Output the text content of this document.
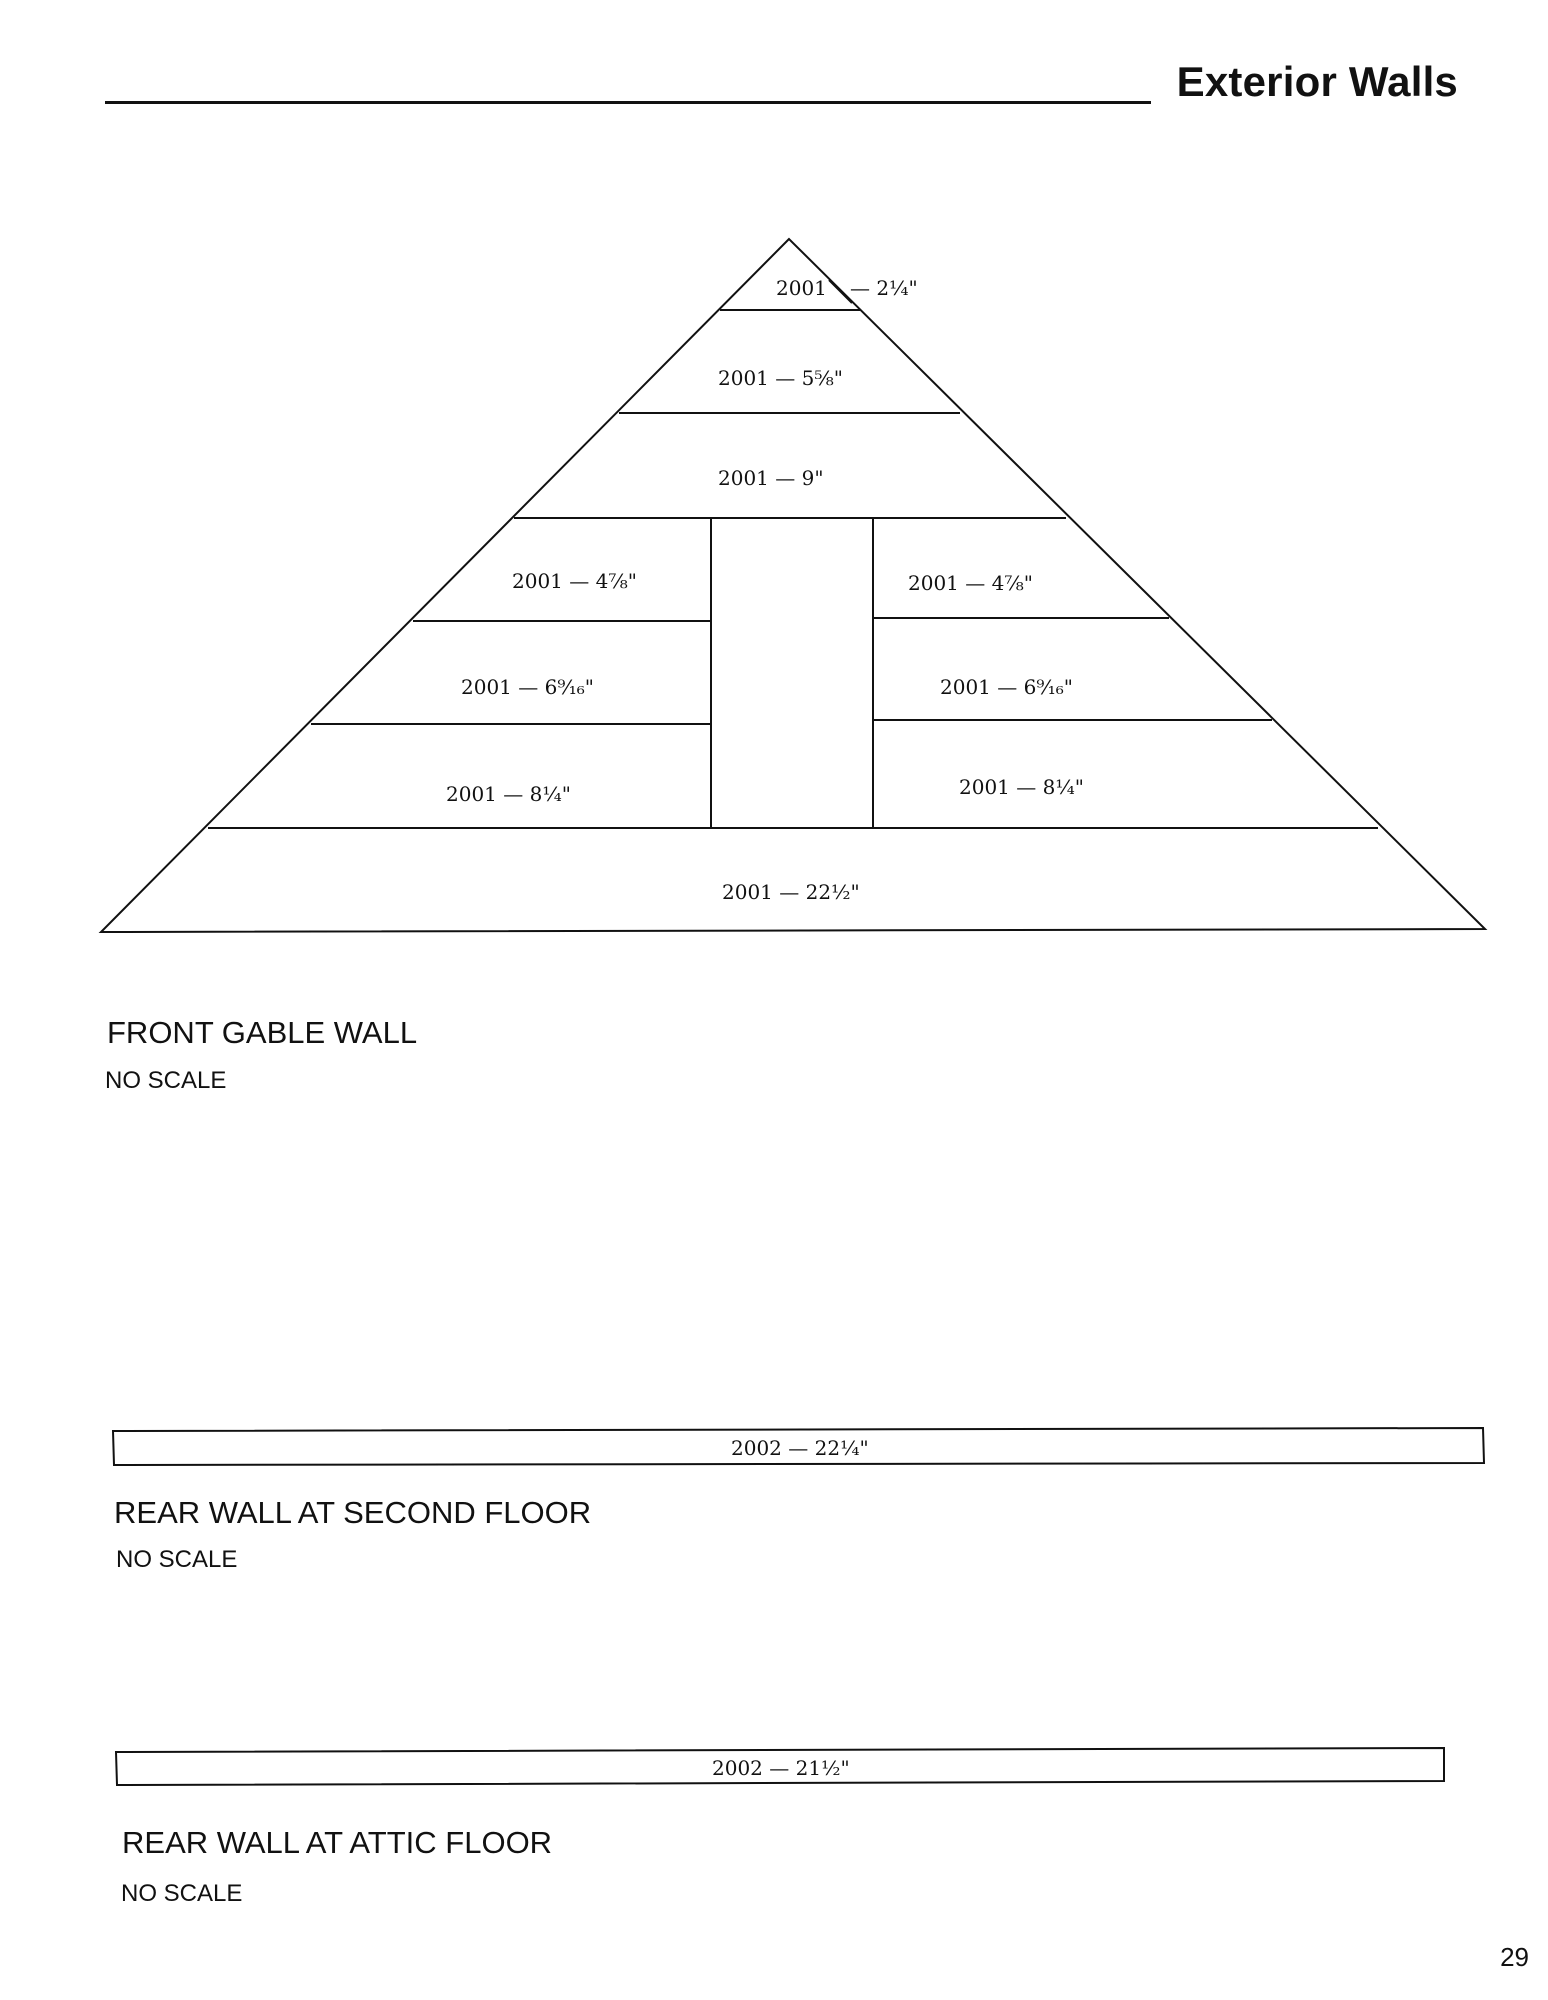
Exterior Walls
2001 — 2¼"
2001 — 5⅝"
2001 — 9"
2001 — 4⅞"	2001 — 4⅞"
2001 — 6⁹⁄₁₆"	2001 — 6⁹⁄₁₆"
2001 — 8¼"	2001 — 8¼"
2001 — 22½"
2002 — 22¼"
2002 — 21½"
FRONT GABLE WALL
NO SCALE
REAR WALL AT SECOND FLOOR
NO SCALE
REAR WALL AT ATTIC FLOOR
NO SCALE
29
